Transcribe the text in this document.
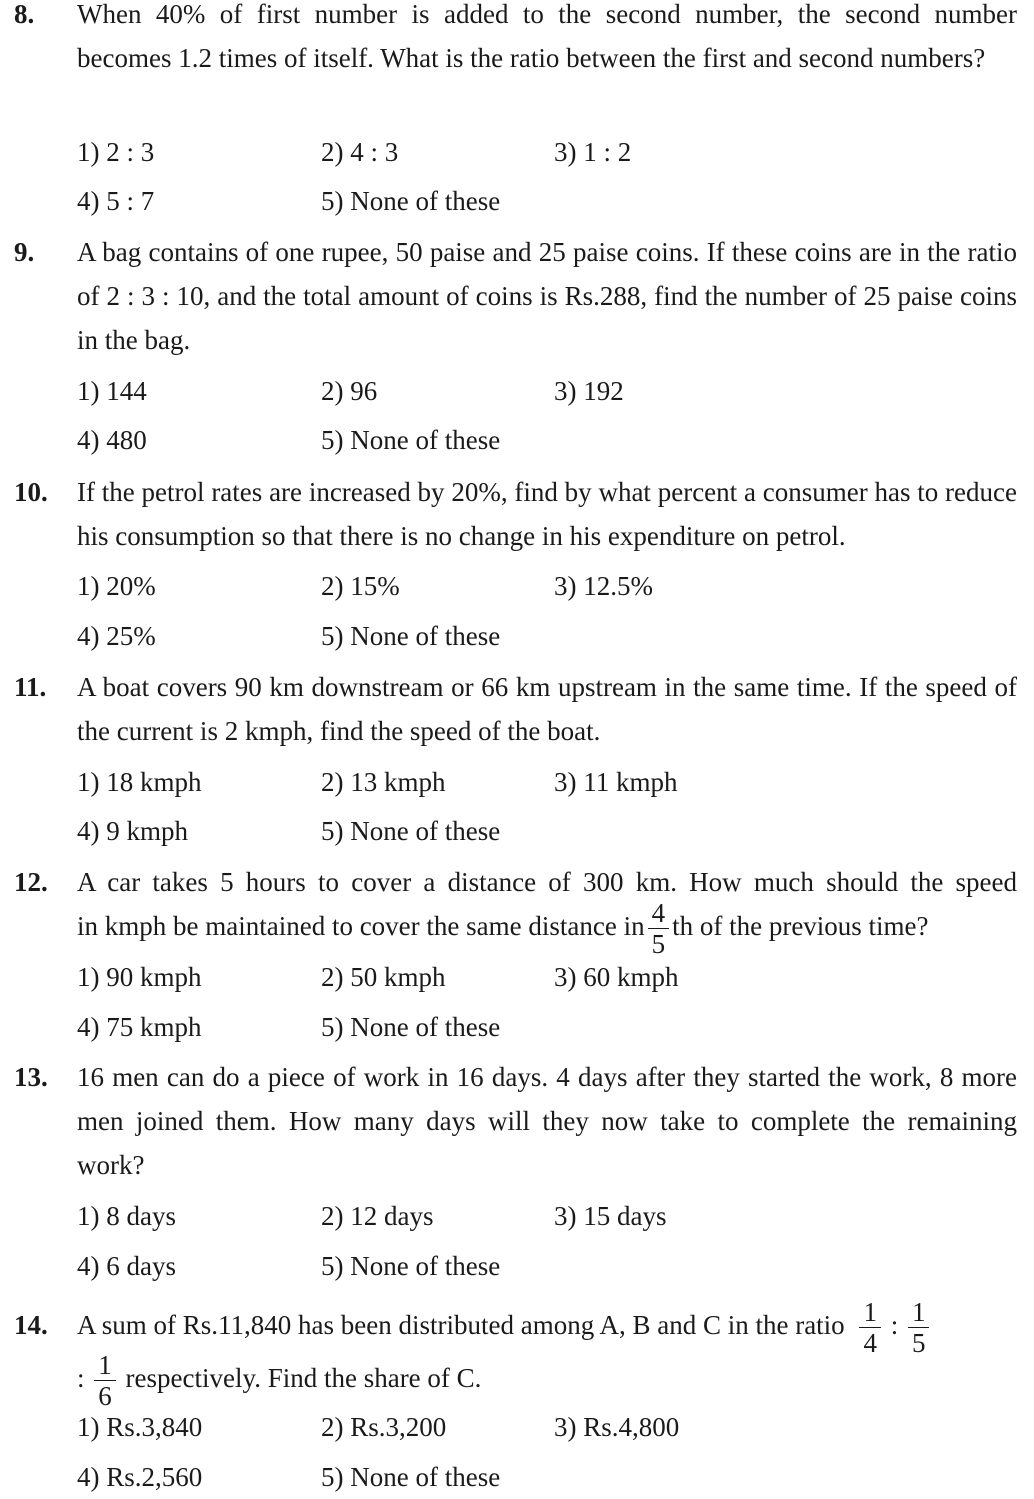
8.	When 40% of first number is added to the second number, the second number becomes 1.2 times of itself. What is the ratio between the first and second numbers?
1) 2 : 3	2) 4 : 3	3) 1 : 2
4) 5 : 7	5) None of these
9.	A bag contains of one rupee, 50 paise and 25 paise coins. If these coins are in the ratio of 2 : 3 : 10, and the total amount of coins is Rs.288, find the number of 25 paise coins in the bag.
1) 144	2) 96	3) 192
4) 480	5) None of these
10.	If the petrol rates are increased by 20%, find by what percent a consumer has to reduce his consumption so that there is no change in his expenditure on petrol.
1) 20%	2) 15%	3) 12.5%
4) 25%	5) None of these
11.	A boat covers 90 km downstream or 66 km upstream in the same time. If the speed of the current is 2 kmph, find the speed of the boat.
1) 18 kmph	2) 13 kmph	3) 11 kmph
4) 9 kmph	5) None of these
12.	A car takes 5 hours to cover a distance of 300 km. How much should the speed
in kmph be maintained to cover the same distance in $\frac{4}{5}$ th of the previous time?
1) 90 kmph	2) 50 kmph	3) 60 kmph
4) 75 kmph	5) None of these
13.	16 men can do a piece of work in 16 days. 4 days after they started the work, 8 more men joined them. How many days will they now take to complete the remaining work?
1) 8 days	2) 12 days	3) 15 days
4) 6 days	5) None of these
14.	A sum of Rs.11,840 has been distributed among A, B and C in the ratio $\frac{1}{4}$ : $\frac{1}{5}$
: $\frac{1}{6}$ respectively. Find the share of C.
1) Rs.3,840	2) Rs.3,200	3) Rs.4,800
4) Rs.2,560	5) None of these
